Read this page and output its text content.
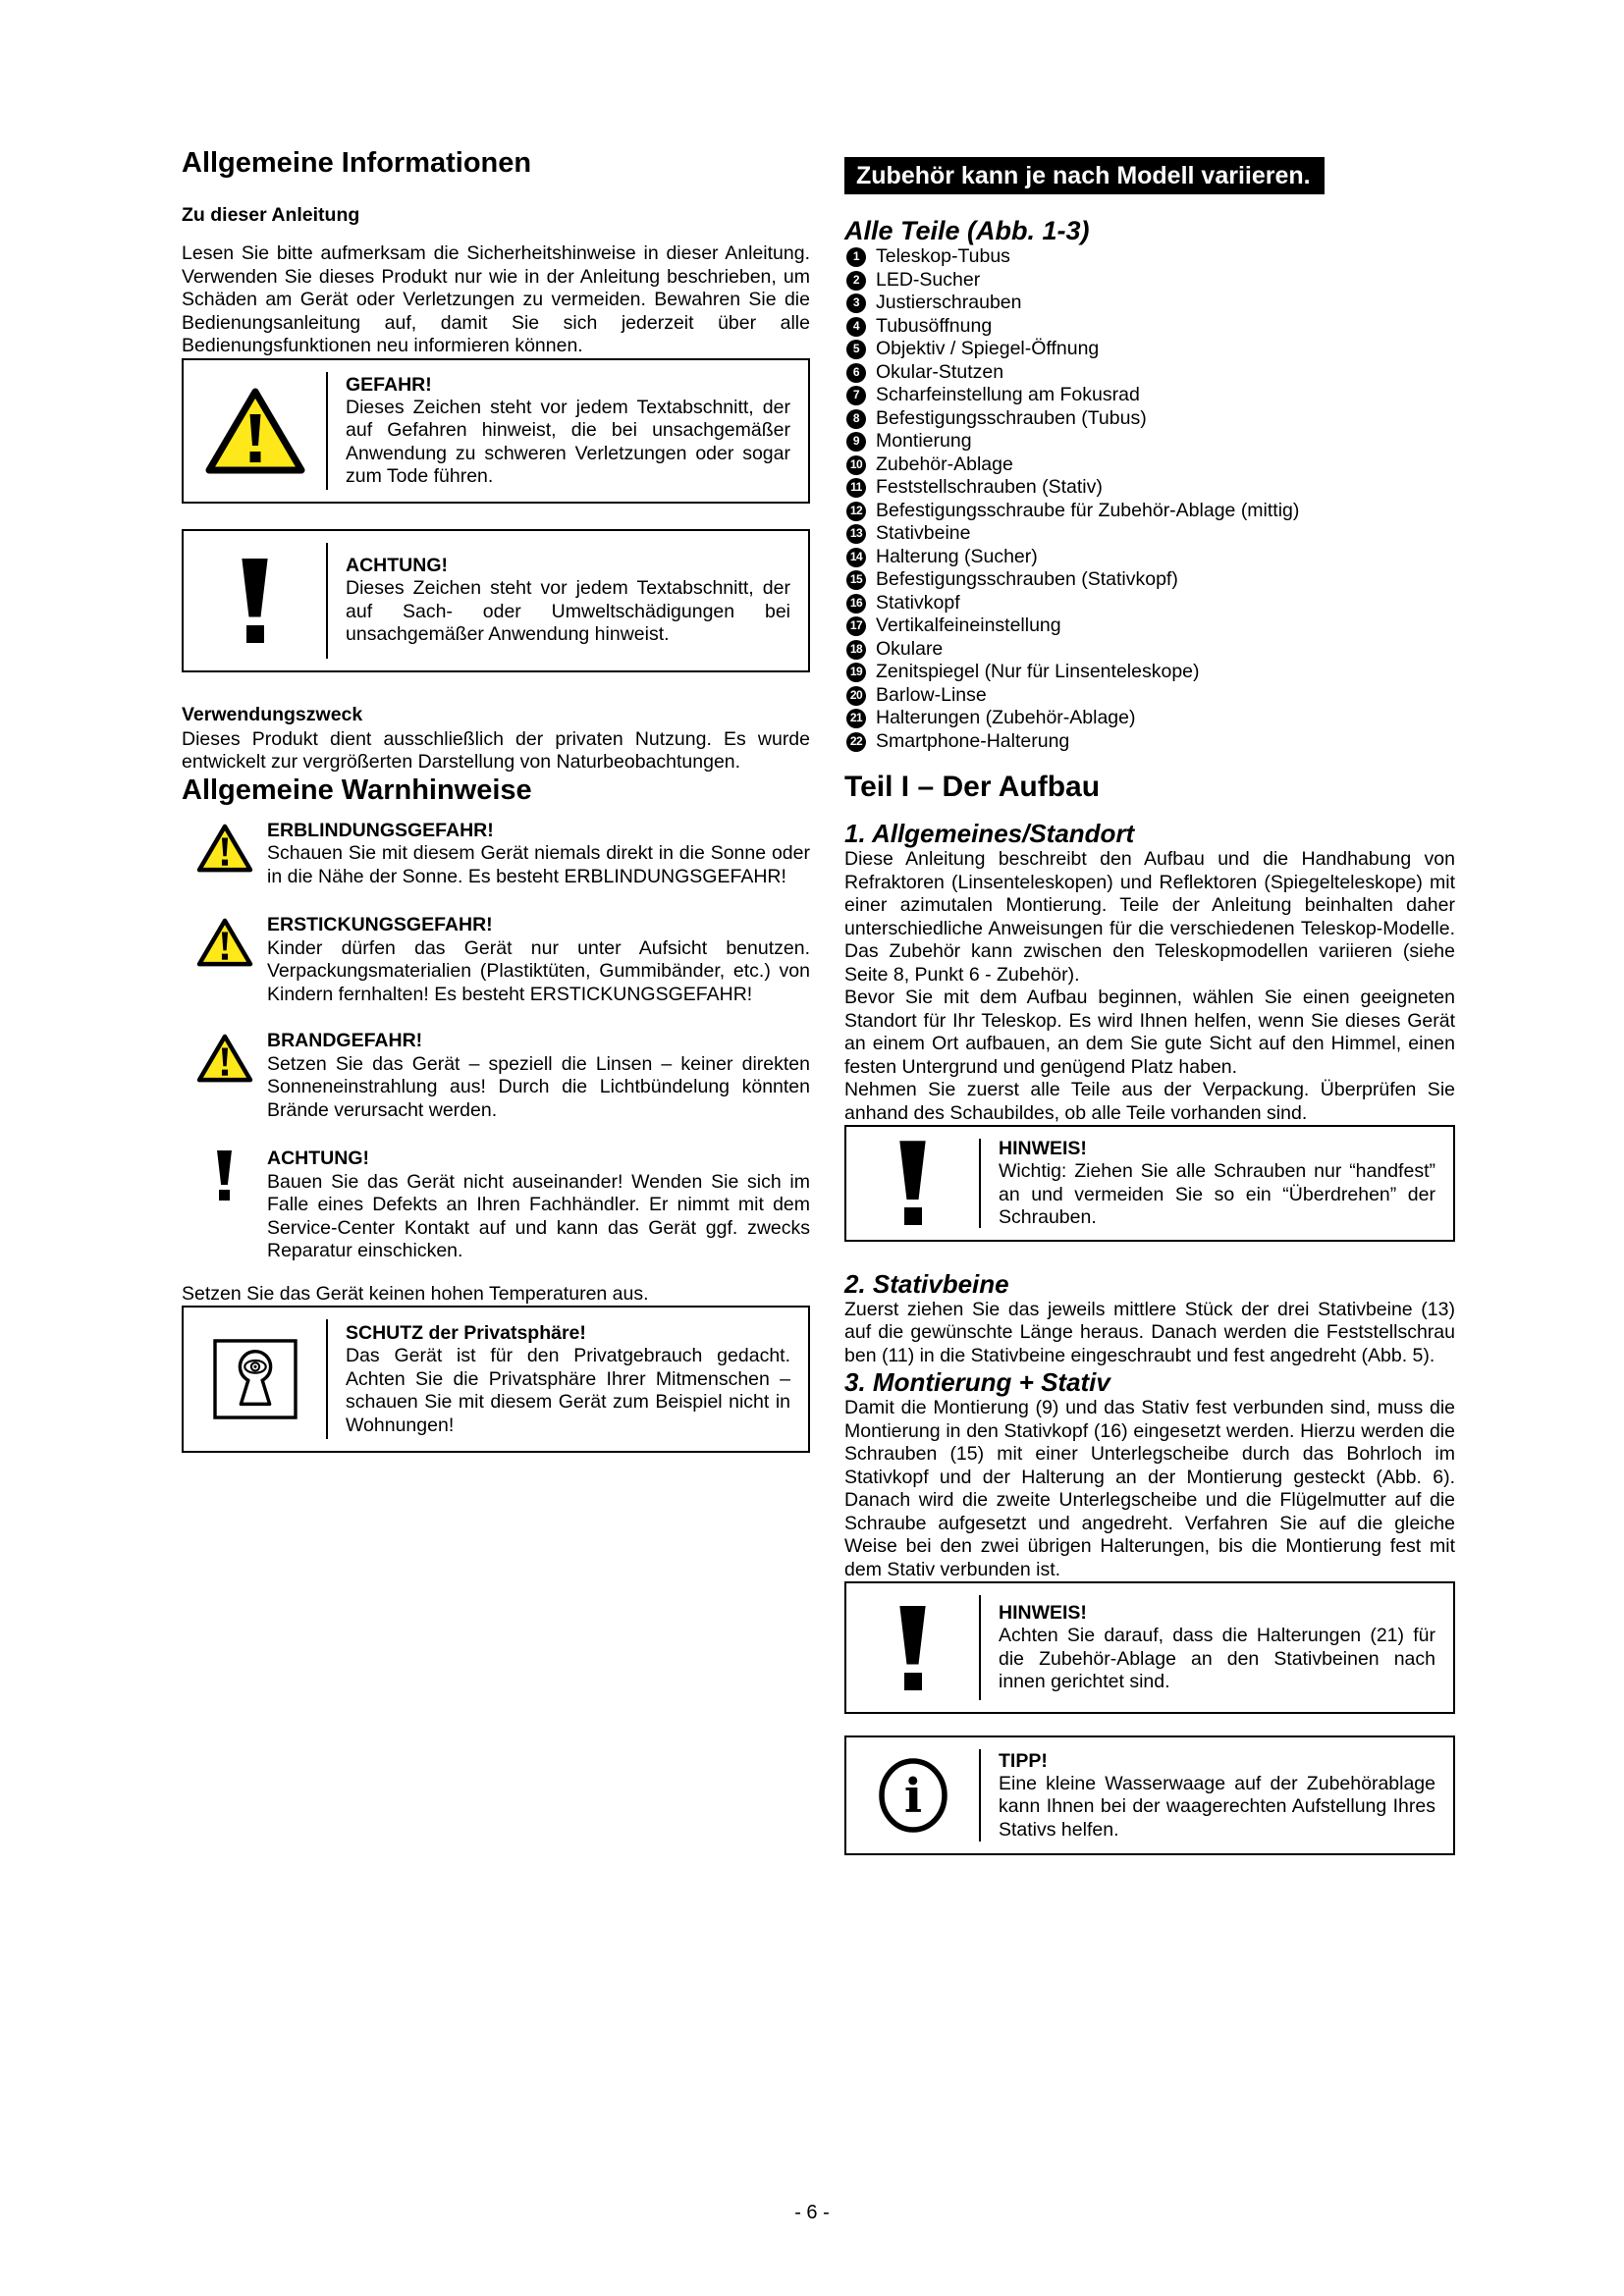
Allgemeine Informationen
Zu dieser Anleitung

Lesen Sie bitte aufmerksam die Sicherheitshinweise in dieser Anleitung. Verwenden Sie dieses Produkt nur wie in der Anleitung beschrieben, um Schäden am Gerät oder Verletzungen zu vermeiden. Bewahren Sie die Bedienungsanleitung auf, damit Sie sich jederzeit über alle Bedienungsfunktionen neu informieren können.

GEFAHR!
Dieses Zeichen steht vor jedem Textabschnitt, der auf Gefahren hinweist, die bei unsachgemäßer Anwendung zu schweren Verletzungen oder sogar zum Tode führen.
ACHTUNG!
Dieses Zeichen steht vor jedem Textabschnitt, der auf Sach- oder Umweltschädigungen bei unsachgemäßer Anwendung hinweist.
Verwendungszweck

Dieses Produkt dient ausschließlich der privaten Nutzung. Es wurde entwickelt zur vergrößerten Darstellung von Naturbeobachtungen.

Allgemeine Warnhinweise
ERBLINDUNGSGEFAHR!
Schauen Sie mit diesem Gerät niemals direkt in die Sonne oder in die Nähe der Sonne. Es besteht ERBLINDUNGSGEFAHR!
ERSTICKUNGSGEFAHR!
Kinder dürfen das Gerät nur unter Aufsicht benutzen. Verpackungsmaterialien (Plastiktüten, Gummibänder, etc.) von Kindern fernhalten! Es besteht ERSTICKUNGSGEFAHR!
BRANDGEFAHR!
Setzen Sie das Gerät – speziell die Linsen – keiner direkten Sonneneinstrahlung aus! Durch die Lichtbündelung könnten Brände verursacht werden.
ACHTUNG!
Bauen Sie das Gerät nicht auseinander! Wenden Sie sich im Falle eines Defekts an Ihren Fachhändler. Er nimmt mit dem Service-Center Kontakt auf und kann das Gerät ggf. zwecks Reparatur einschicken.

Setzen Sie das Gerät keinen hohen Temperaturen aus.

SCHUTZ der Privatsphäre!
Das Gerät ist für den Privatgebrauch gedacht. Achten Sie die Privatsphäre Ihrer Mitmenschen – schauen Sie mit diesem Gerät zum Beispiel nicht in Wohnungen!
Zubehör kann je nach Modell variieren.
Alle Teile (Abb. 1-3)
1 Teleskop-Tubus
2 LED-Sucher
3 Justierschrauben
4 Tubusöffnung
5 Objektiv / Spiegel-Öffnung
6 Okular-Stutzen
7 Scharfeinstellung am Fokusrad
8 Befestigungsschrauben (Tubus)
9 Montierung
10 Zubehör-Ablage
11 Feststellschrauben (Stativ)
12 Befestigungsschraube für Zubehör-Ablage (mittig)
13 Stativbeine
14 Halterung (Sucher)
15 Befestigungsschrauben (Stativkopf)
16 Stativkopf
17 Vertikalfeineinstellung
18 Okulare
19 Zenitspiegel (Nur für Linsenteleskope)
20 Barlow-Linse
21 Halterungen (Zubehör-Ablage)
22 Smartphone-Halterung
Teil I – Der Aufbau
1. Allgemeines/Standort

Diese Anleitung beschreibt den Aufbau und die Handhabung von Refraktoren (Linsenteleskopen) und Reflektoren (Spiegelteleskope) mit einer azimutalen Montierung. Teile der Anleitung beinhalten daher unterschiedliche Anweisungen für die verschiedenen Teleskop-Modelle. Das Zubehör kann zwischen den Teleskopmodellen variieren (siehe Seite 8, Punkt 6 - Zubehör).

Bevor Sie mit dem Aufbau beginnen, wählen Sie einen geeigneten Standort für Ihr Teleskop. Es wird Ihnen helfen, wenn Sie dieses Gerät an einem Ort aufbauen, an dem Sie gute Sicht auf den Himmel, einen festen Untergrund und genügend Platz haben.

Nehmen Sie zuerst alle Teile aus der Verpackung. Überprüfen Sie anhand des Schaubildes, ob alle Teile vorhanden sind.

HINWEIS!
Wichtig: Ziehen Sie alle Schrauben nur “handfest” an und vermeiden Sie so ein “Überdrehen” der Schrauben.
2. Stativbeine

Zuerst ziehen Sie das jeweils mittlere Stück der drei Stativbeine (13) auf die gewünschte Länge heraus. Danach werden die Feststellschrau ben (11) in die Stativbeine eingeschraubt und fest angedreht (Abb. 5).

3. Montierung + Stativ

Damit die Montierung (9) und das Stativ fest verbunden sind, muss die Montierung in den Stativkopf (16) eingesetzt werden. Hierzu werden die Schrauben (15) mit einer Unterlegscheibe durch das Bohrloch im Stativkopf und der Halterung an der Montierung gesteckt (Abb. 6). Danach wird die zweite Unterlegscheibe und die Flügelmutter auf die Schraube aufgesetzt und angedreht. Verfahren Sie auf die gleiche Weise bei den zwei übrigen Halterungen, bis die Montierung fest mit dem Stativ verbunden ist.

HINWEIS!
Achten Sie darauf, dass die Halterungen (21) für die Zubehör-Ablage an den Stativbeinen nach innen gerichtet sind.
i
TIPP!
Eine kleine Wasserwaage auf der Zubehörablage kann Ihnen bei der waagerechten Aufstellung Ihres Stativs helfen.
- 6 -
